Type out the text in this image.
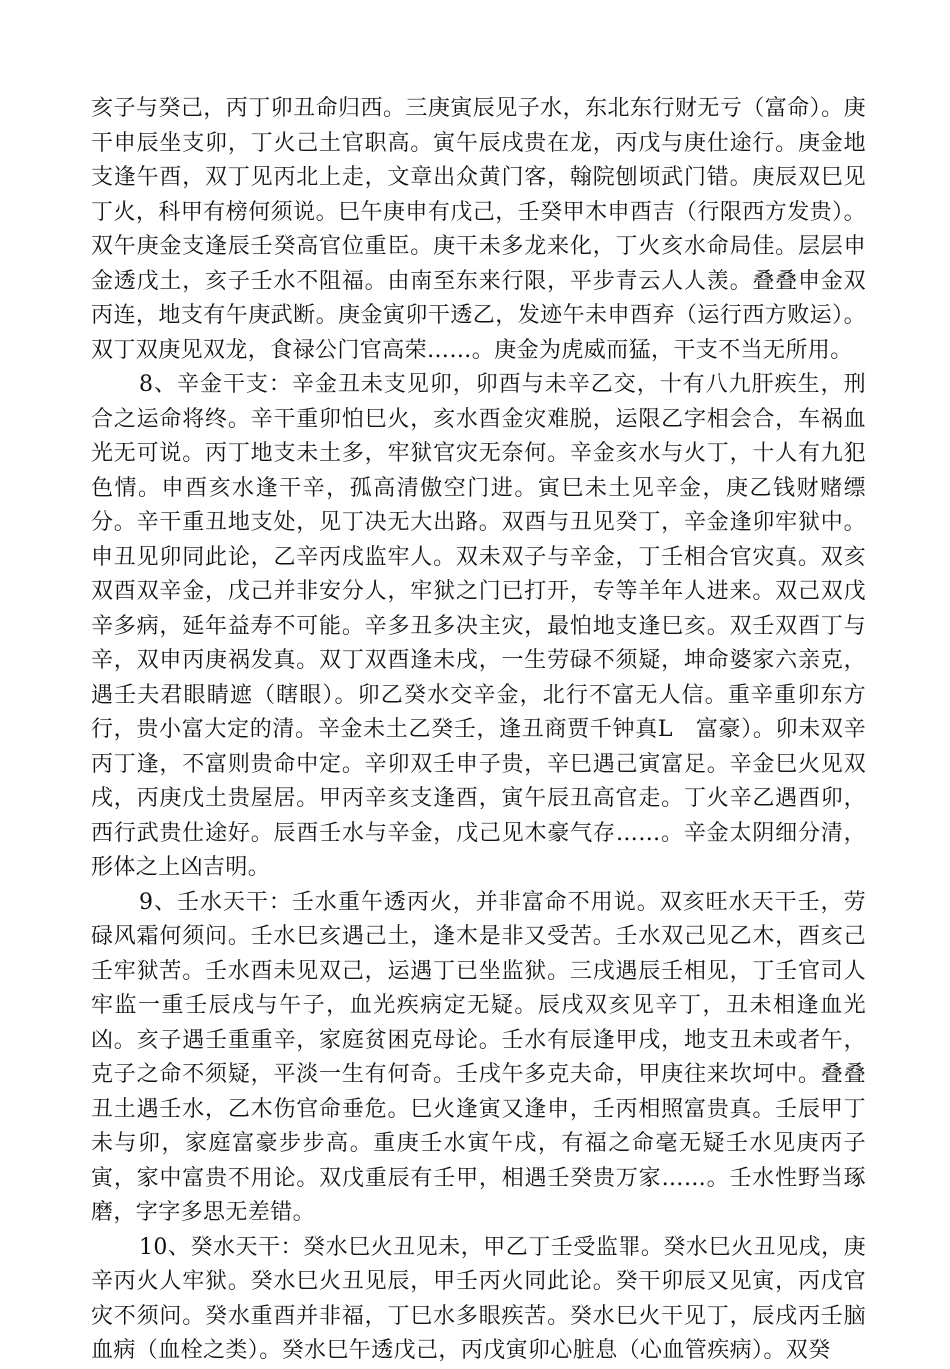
亥子与癸己，丙丁卯丑命归西。三庚寅辰见子水，东北东行财无亏（富命）。庚干申辰坐支卯，丁火己土官职高。寅午辰戌贵在龙，丙戊与庚仕途行。庚金地支逢午酉，双丁见丙北上走，文章出众黄门客，翰院刨顷武门错。庚辰双巳见丁火，科甲有榜何须说。巳午庚申有戊己，壬癸甲木申酉吉（行限西方发贵）。双午庚金支逢辰壬癸高官位重臣。庚干未多龙来化，丁火亥水命局佳。层层申金透戊土，亥子壬水不阻福。由南至东来行限，平步青云人人羡。叠叠申金双丙连，地支有午庚武断。庚金寅卯干透乙，发迹午未申酉弃（运行西方败运）。双丁双庚见双龙，食禄公门官高荣……。庚金为虎威而猛，干支不当无所用。

8、辛金干支：辛金丑未支见卯，卯酉与未辛乙交，十有八九肝疾生，刑合之运命将终。辛干重卯怕巳火，亥水酉金灾难脱，运限乙字相会合，车祸血光无可说。丙丁地支未土多，牢狱官灾无奈何。辛金亥水与火丁，十人有九犯色情。申酉亥水逢干辛，孤高清傲空门进。寅巳未土见辛金，庚乙钱财赌缥分。辛干重丑地支处，见丁决无大出路。双酉与丑见癸丁，辛金逢卯牢狱中。申丑见卯同此论，乙辛丙戌监牢人。双未双子与辛金，丁壬相合官灾真。双亥双酉双辛金，戊己并非安分人，牢狱之门已打开，专等羊年人进来。双己双戊辛多病，延年益寿不可能。辛多丑多决主灾，最怕地支逢巳亥。双壬双酉丁与辛，双申丙庚祸发真。双丁双酉逢未戌，一生劳碌不须疑，坤命婆家六亲克，遇壬夫君眼睛遮（瞎眼）。卯乙癸水交辛金，北行不富无人信。重辛重卯东方行，贵小富大定的清。辛金未土乙癸壬，逢丑商贾千钟真L　富豪）。卯未双辛丙丁逢，不富则贵命中定。辛卯双壬申子贵，辛巳遇己寅富足。辛金巳火见双戌，丙庚戊土贵屋居。甲丙辛亥支逢酉，寅午辰丑高官走。丁火辛乙遇酉卯，西行武贵仕途好。辰酉壬水与辛金，戊己见木豪气存……。辛金太阴细分清，形体之上凶吉明。

9、壬水天干：壬水重午透丙火，并非富命不用说。双亥旺水天干壬，劳碌风霜何须问。壬水巳亥遇己土，逢木是非又受苦。壬水双己见乙木，酉亥己壬牢狱苦。壬水酉未见双己，运遇丁已坐监狱。三戌遇辰壬相见，丁壬官司人牢监一重壬辰戌与午子，血光疾病定无疑。辰戌双亥见辛丁，丑未相逢血光凶。亥子遇壬重重辛，家庭贫困克母论。壬水有辰逢甲戌，地支丑未或者午，克子之命不须疑，平淡一生有何奇。壬戌午多克夫命，甲庚往来坎坷中。叠叠丑土遇壬水，乙木伤官命垂危。巳火逢寅又逢申，壬丙相照富贵真。壬辰甲丁未与卯，家庭富豪步步高。重庚壬水寅午戌，有福之命毫无疑壬水见庚丙子寅，家中富贵不用论。双戊重辰有壬甲，相遇壬癸贵万家……。壬水性野当琢磨，字字多思无差错。

10、癸水天干：癸水巳火丑见未，甲乙丁壬受监罪。癸水巳火丑见戌，庚辛丙火人牢狱。癸水巳火丑见辰，甲壬丙火同此论。癸干卯辰又见寅，丙戊官灾不须问。癸水重酉并非福，丁巳水多眼疾苦。癸水巳火干见丁，辰戌丙壬脑血病（血栓之类）。癸水巳午透戊己，丙戊寅卯心脏息（心血管疾病）。双癸
